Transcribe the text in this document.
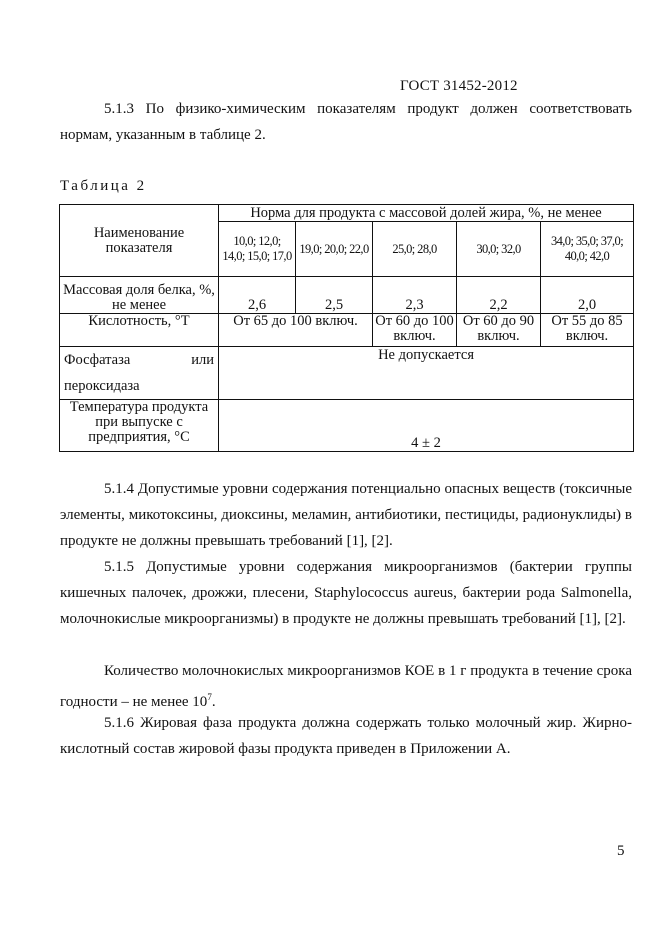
ГОСТ 31452-2012

5.1.3 По физико-химическим показателям продукт должен соответствовать нормам, указанным в таблице 2.

Таблица 2
Наименование показателя	Норма для продукта с массовой долей жира, %, не менее				
	10,0; 12,0; 14,0; 15,0; 17,0	19,0; 20,0; 22,0	25,0; 28,0	30,0; 32,0	34,0; 35,0; 37,0; 40,0; 42,0
Массовая доля белка, %, не менее	2,6	2,5	2,3	2,2	2,0
Кислотность, °Т	От 65 до 100 включ.		От 60 до 100 включ.	От 60 до 90 включ.	От 55 до 85 включ.

Фосфатаза или
пероксидаза	Не допускается				
Температура продукта при выпуске с предприятия, °С	4 ± 2				

5.1.4 Допустимые уровни содержания потенциально опасных веществ (токсичные элементы, микотоксины, диоксины, меламин, антибиотики, пестициды, радионуклиды) в продукте не должны превышать требований [1], [2].

5.1.5 Допустимые уровни содержания микроорганизмов (бактерии группы кишечных палочек, дрожжи, плесени, Staphylococcus aureus, бактерии рода Salmonella, молочнокислые микроорганизмы) в продукте не должны превышать требований [1], [2].

Количество молочнокислых микроорганизмов КОЕ в 1 г продукта в течение срока годности – не менее $10^7$.

5.1.6 Жировая фаза продукта должна содержать только молочный жир. Жирно-кислотный состав жировой фазы продукта приведен в Приложении А.

5
